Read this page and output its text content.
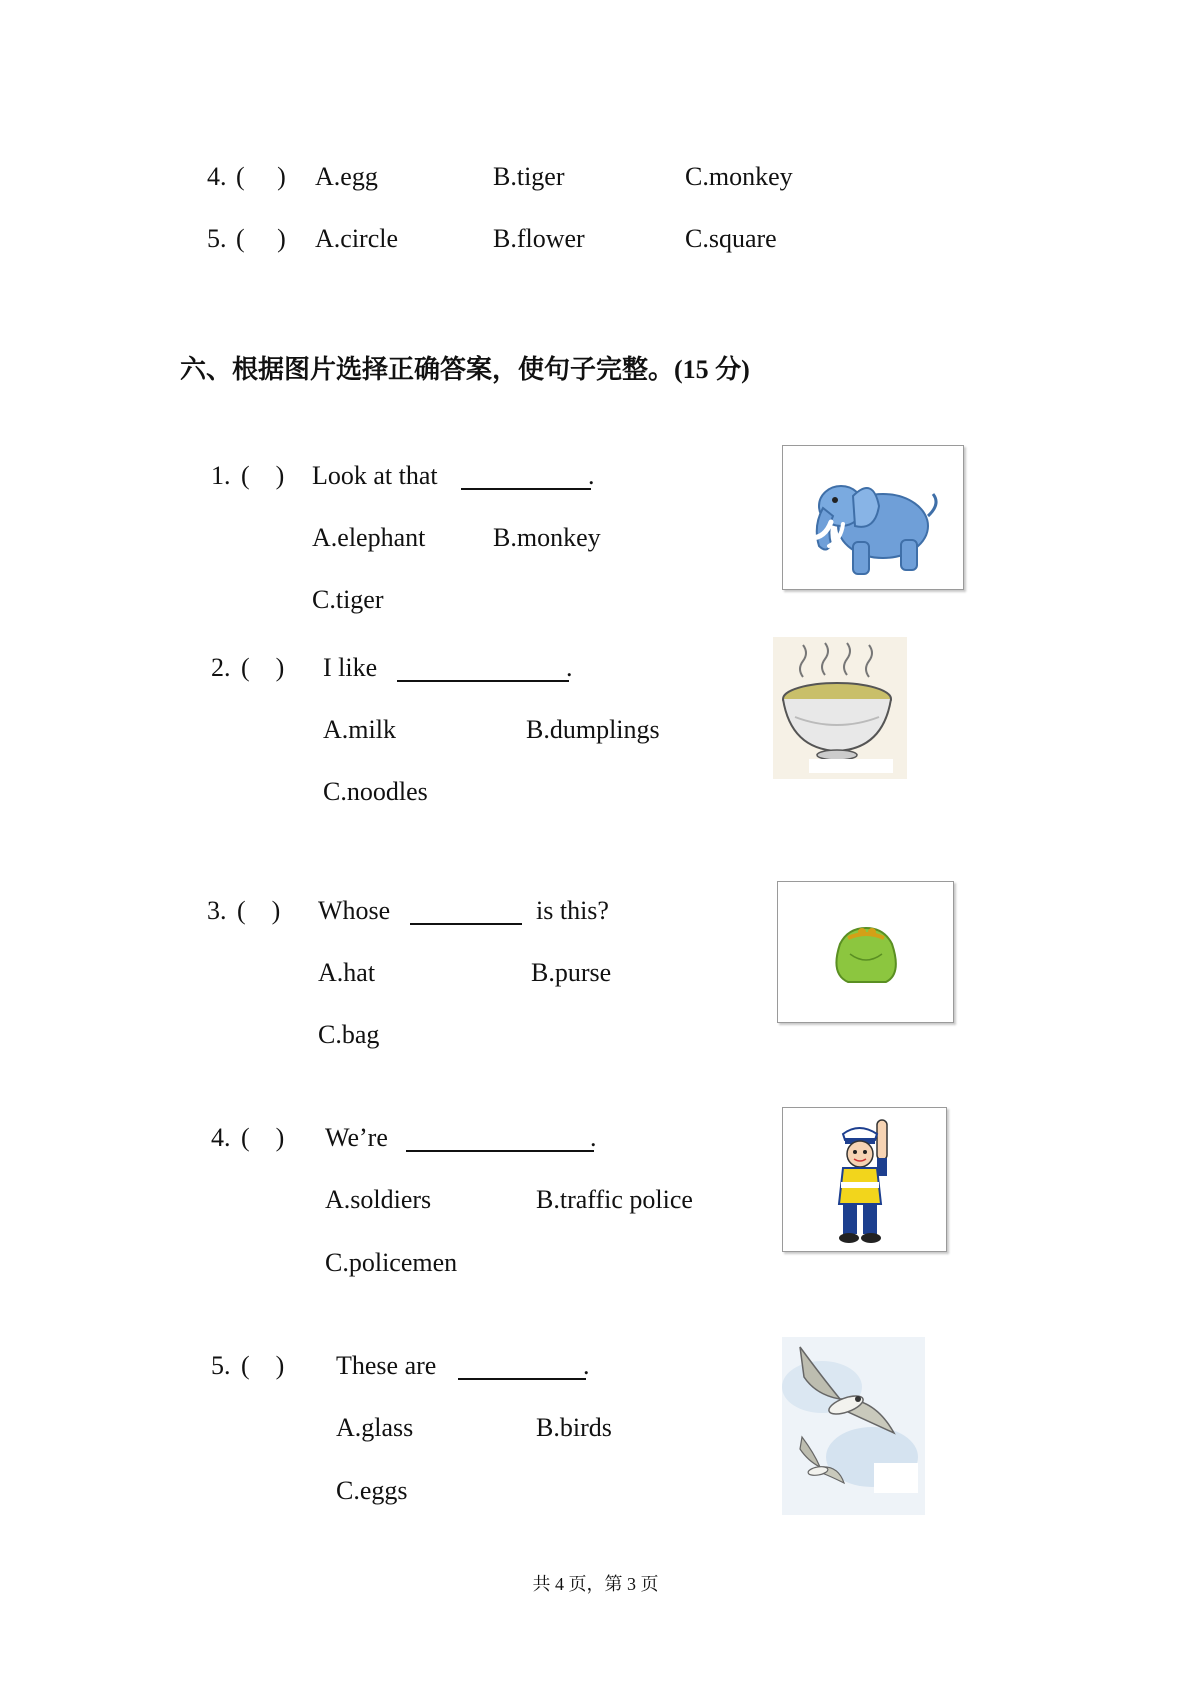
4. (　 ) A.egg	B.tiger	C.monkey
5. (　 ) A.circle	B.flower	C.square
六、根据图片选择正确答案，使句子完整。(15 分)
1. (　) Look at that	.
A.elephant	B.monkey
C.tiger
2. (　) I like	.
A.milk	B.dumplings
C.noodles
3. (　) Whose	is this?
A.hat	B.purse
C.bag
4. (　) We’re	.
A.soldiers	B.traffic police
C.policemen
5. (　) These are	.
A.glass	B.birds
C.eggs
共 4 页，第 3 页
